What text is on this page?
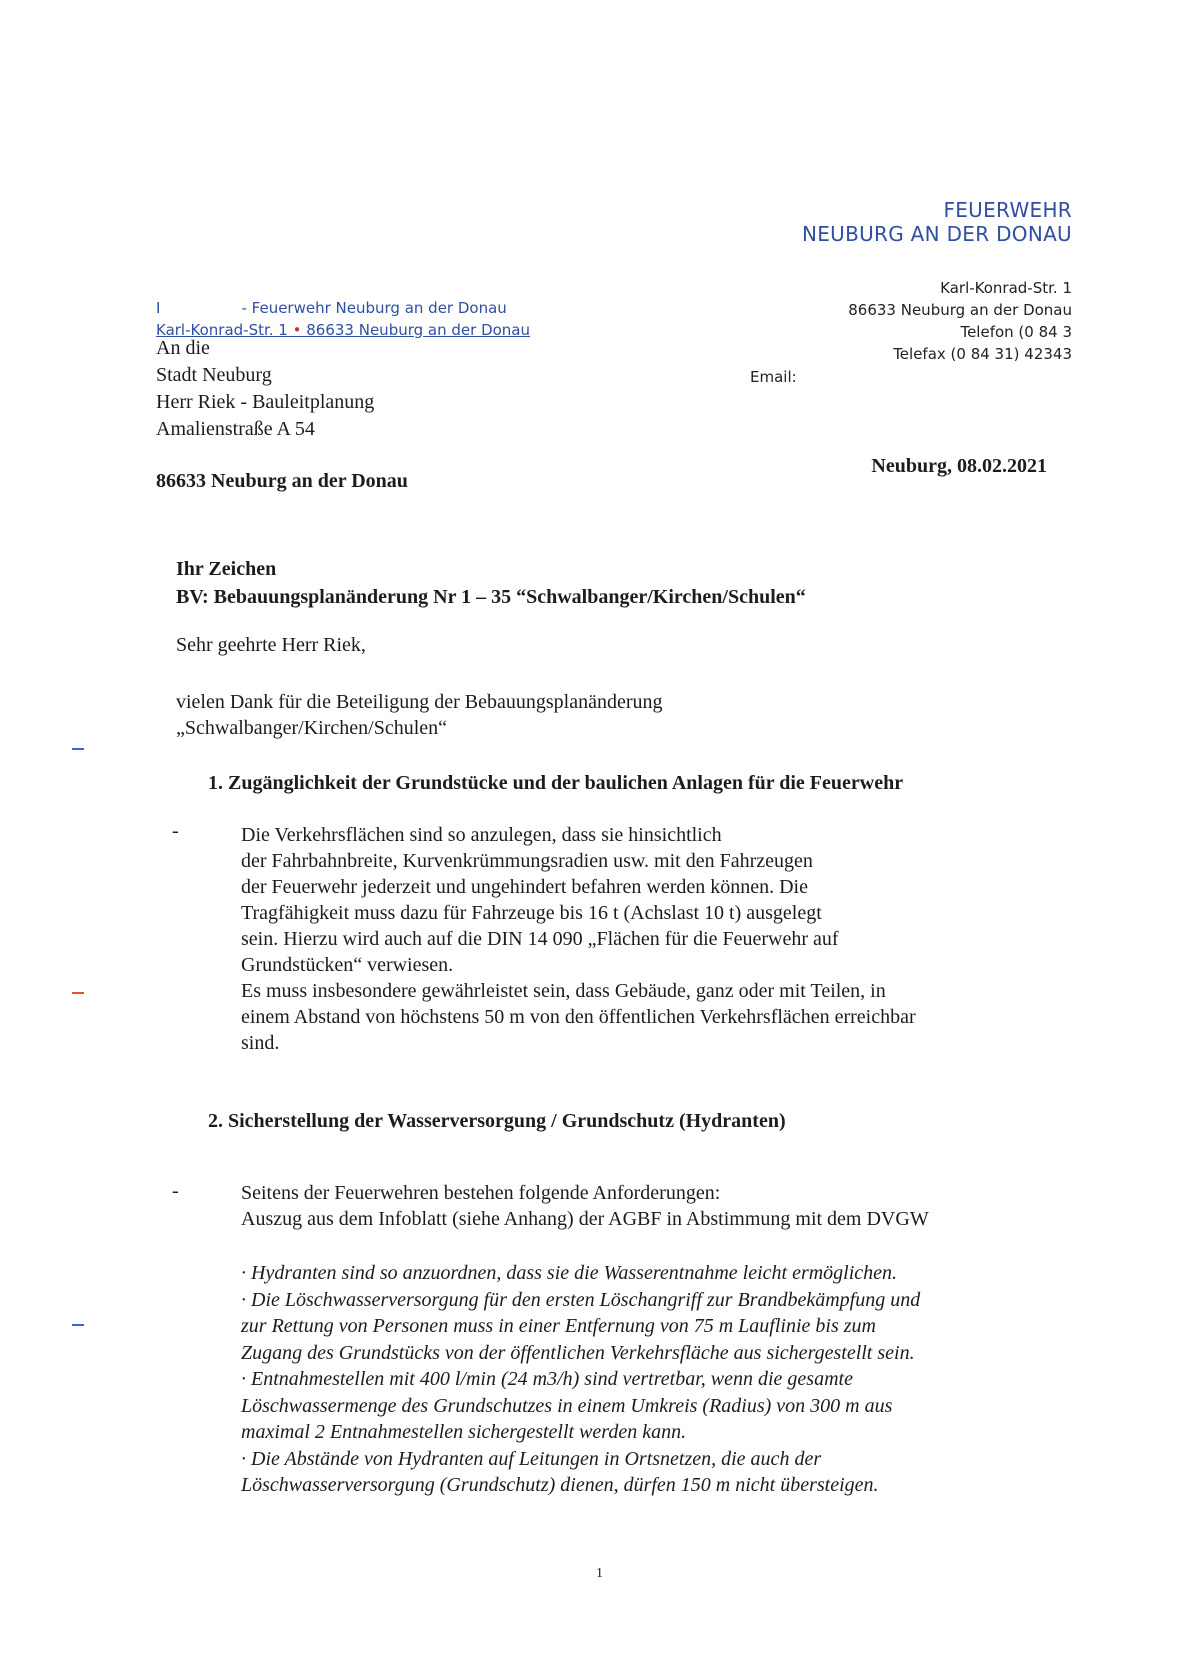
FEUERWEHR
NEUBURG AN DER DONAU
I                 - Feuerwehr Neuburg an der Donau
Karl-Konrad-Str. 1 • 86633 Neuburg an der Donau
Karl-Konrad-Str. 1
86633 Neuburg an der Donau
Telefon (0 84 3
Telefax (0 84 31) 42343
Email:
An die
Stadt Neuburg
Herr Riek - Bauleitplanung
Amalienstraße A 54
86633 Neuburg an der Donau
Neuburg, 08.02.2021
Ihr Zeichen
BV: Bebauungsplanänderung Nr 1 – 35 “Schwalbanger/Kirchen/Schulen“
Sehr geehrte Herr Riek,
vielen Dank für die Beteiligung der Bebauungsplanänderung
„Schwalbanger/Kirchen/Schulen“
1. Zugänglichkeit der Grundstücke und der baulichen Anlagen für die Feuerwehr
-	Die Verkehrsflächen sind so anzulegen, dass sie hinsichtlich
der Fahrbahnbreite, Kurvenkrümmungsradien usw. mit den Fahrzeugen
der Feuerwehr jederzeit und ungehindert befahren werden können. Die
Tragfähigkeit muss dazu für Fahrzeuge bis 16 t (Achslast 10 t) ausgelegt
sein. Hierzu wird auch auf die DIN 14 090 „Flächen für die Feuerwehr auf
Grundstücken“ verwiesen.
Es muss insbesondere gewährleistet sein, dass Gebäude, ganz oder mit Teilen, in
einem Abstand von höchstens 50 m von den öffentlichen Verkehrsflächen erreichbar
sind.
2. Sicherstellung der Wasserversorgung / Grundschutz (Hydranten)
-	Seitens der Feuerwehren bestehen folgende Anforderungen:
Auszug aus dem Infoblatt (siehe Anhang) der AGBF in Abstimmung mit dem DVGW
· Hydranten sind so anzuordnen, dass sie die Wasserentnahme leicht ermöglichen.
· Die Löschwasserversorgung für den ersten Löschangriff zur Brandbekämpfung und
zur Rettung von Personen muss in einer Entfernung von 75 m Lauflinie bis zum
Zugang des Grundstücks von der öffentlichen Verkehrsfläche aus sichergestellt sein.
· Entnahmestellen mit 400 l/min (24 m3/h) sind vertretbar, wenn die gesamte
Löschwassermenge des Grundschutzes in einem Umkreis (Radius) von 300 m aus
maximal 2 Entnahmestellen sichergestellt werden kann.
· Die Abstände von Hydranten auf Leitungen in Ortsnetzen, die auch der
Löschwasserversorgung (Grundschutz) dienen, dürfen 150 m nicht übersteigen.
1
